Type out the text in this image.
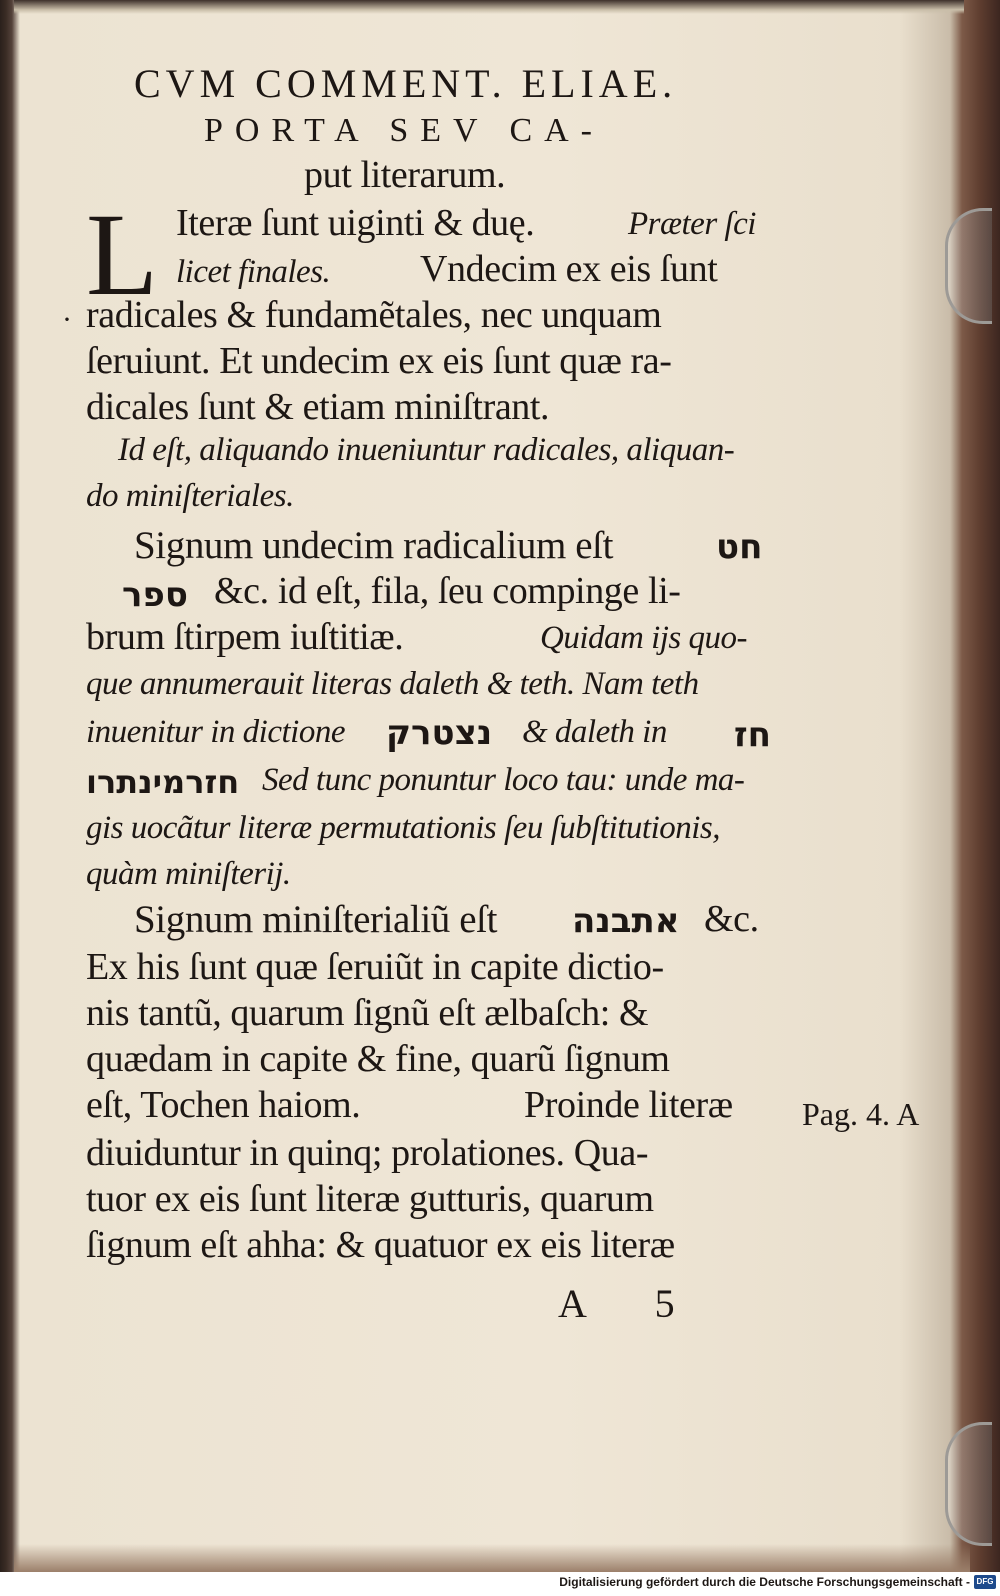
CVM COMMENT. ELIAE.
PORTA SEV CA-
put literarum.
L
·
Iteræ ſunt uiginti & duę.	Præter ſci
licet finales. Vndecim ex eis ſunt
radicales & fundamẽtales, nec unquam
ſeruiunt. Et undecim ex eis ſunt quæ ra-
dicales ſunt & etiam miniſtrant.
Id eſt, aliquando inueniuntur radicales, aliquan-
do miniſteriales.
Signum undecim radicalium eſt	חט
ספר &c. id eſt, fila, ſeu compinge li-
brum ſtirpem iuſtitiæ.	Quidam ijs quo-
que annumerauit literas daleth & teth. Nam teth
inuenitur in dictione נצטרק & daleth in חז
חזרמינתרו Sed tunc ponuntur loco tau: unde ma-
gis uocãtur literæ permutationis ſeu ſubſtitutionis,
quàm miniſterij.
Signum miniſterialiũ eſt אתבנה &c.
Ex his ſunt quæ ſeruiũt in capite dictio-
nis tantũ, quarum ſignũ eſt ælbaſch: &
quædam in capite & fine, quarũ ſignum
eſt, Tochen haiom.	Proinde literæ
diuiduntur in quinq; prolationes. Qua-
tuor ex eis ſunt literæ gutturis, quarum
ſignum eſt ahha: & quatuor ex eis literæ
Pag. 4. A
A 5
Digitalisierung gefördert durch die Deutsche Forschungsgemeinschaft - DFG
